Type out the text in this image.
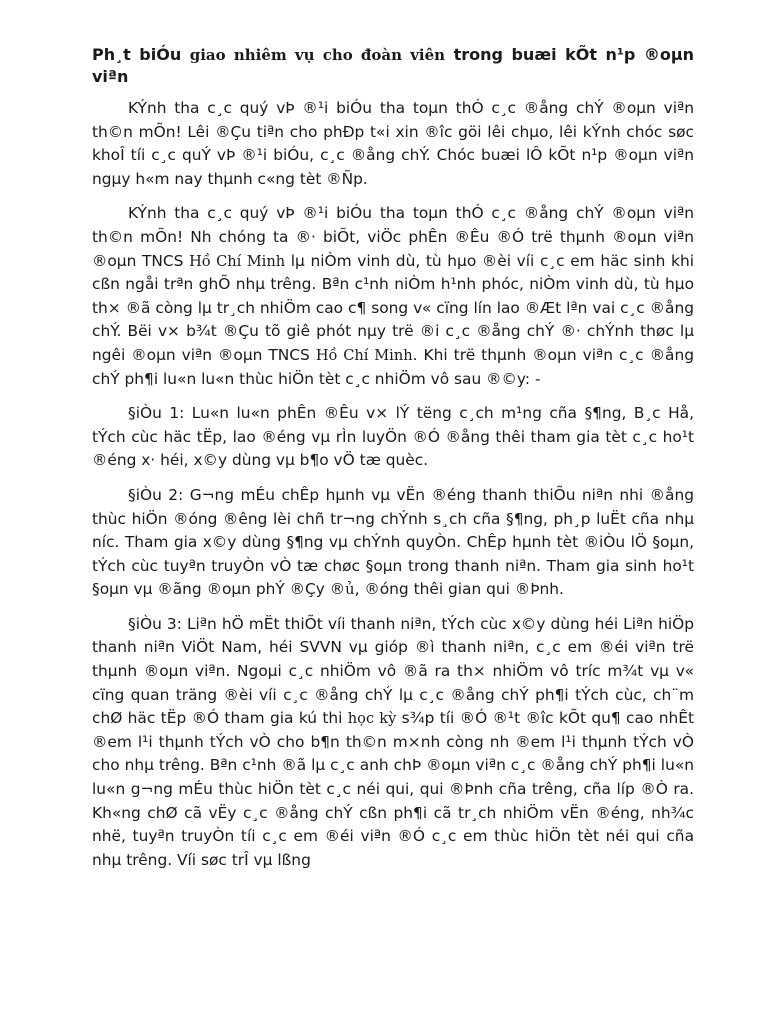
Ph¸t biÓu giao nhiêm vụ cho đoàn viên trong buæi kÕt n¹p ®oµn viªn

KÝnh tha c¸c quý vÞ ®¹i biÓu tha toµn thÓ c¸c ®ång chÝ ®oµn viªn th©n mÕn! Lêi ®Çu tiªn cho phÐp t«i xin ®îc göi lêi chµo, lêi kÝnh chóc søc khoÎ tíi c¸c quÝ vÞ ®¹i biÓu, c¸c ®ång chÝ. Chóc buæi lÔ kÕt n¹p ®oµn viªn ngµy h«m nay thµnh c«ng tèt ®Ñp.

KÝnh tha c¸c quý vÞ ®¹i biÓu tha toµn thÓ c¸c ®ång chÝ ®oµn viªn th©n mÕn! Nh chóng ta ®· biÕt, viÖc phÊn ®Êu ®Ó trë thµnh ®oµn viªn ®oµn TNCS Hồ Chí Minh lµ niÒm vinh dù, tù hµo ®èi víi c¸c em häc sinh khi cßn ngåi trªn ghÕ nhµ trêng. Bªn c¹nh niÒm h¹nh phóc, niÒm vinh dù, tù hµo th× ®ã còng lµ tr¸ch nhiÖm cao c¶ song v« cïng lín lao ®Æt lªn vai c¸c ®ång chÝ. Bëi v× b¾t ®Çu tõ giê phót nµy trë ®i c¸c ®ång chÝ ®· chÝnh thøc lµ ngêi ®oµn viªn ®oµn TNCS Hồ Chí Minh. Khi trë thµnh ®oµn viªn c¸c ®ång chÝ ph¶i lu«n lu«n thùc hiÖn tèt c¸c nhiÖm vô sau ®©y: -

§iÒu 1: Lu«n lu«n phÊn ®Êu v× lÝ tëng c¸ch m¹ng cña §¶ng, B¸c Hå, tÝch cùc häc tËp, lao ®éng vµ rÌn luyÖn ®Ó ®ång thêi tham gia tèt c¸c ho¹t ®éng x· héi, x©y dùng vµ b¶o vÖ tæ quèc.

§iÒu 2: G¬ng mÉu chÊp hµnh vµ vËn ®éng thanh thiÕu niªn nhi ®ång thùc hiÖn ®óng ®êng lèi chñ tr¬ng chÝnh s¸ch cña §¶ng, ph¸p luËt cña nhµ níc. Tham gia x©y dùng §¶ng vµ chÝnh quyÒn. ChÊp hµnh tèt ®iÒu lÖ §oµn, tÝch cùc tuyªn truyÒn vÒ tæ chøc §oµn trong thanh niªn. Tham gia sinh ho¹t §oµn vµ ®ãng ®oµn phÝ ®Çy ®ủ, ®óng thêi gian qui ®Þnh.

§iÒu 3: Liªn hÖ mËt thiÕt víi thanh niªn, tÝch cùc x©y dùng héi Liªn hiÖp thanh niªn ViÖt Nam, héi SVVN vµ gióp ®ì thanh niªn, c¸c em ®éi viªn trë thµnh ®oµn viªn. Ngoµi c¸c nhiÖm vô ®ã ra th× nhiÖm vô tríc m¾t vµ v« cïng quan träng ®èi víi c¸c ®ång chÝ lµ c¸c ®ång chÝ ph¶i tÝch cùc, ch¨m chØ häc tËp ®Ó tham gia kú thi học kỳ s¾p tíi ®Ó ®¹t ®îc kÕt qu¶ cao nhÊt ®em l¹i thµnh tÝch vÒ cho b¶n th©n m×nh còng nh ®em l¹i thµnh tÝch vÒ cho nhµ trêng. Bªn c¹nh ®ã lµ c¸c anh chÞ ®oµn viªn c¸c ®ång chÝ ph¶i lu«n lu«n g¬ng mÉu thùc hiÖn tèt c¸c néi qui, qui ®Þnh cña trêng, cña líp ®Ò ra. Kh«ng chØ cã vËy c¸c ®ång chÝ cßn ph¶i cã tr¸ch nhiÖm vËn ®éng, nh¾c nhë, tuyªn truyÒn tíi c¸c em ®éi viªn ®Ó c¸c em thùc hiÖn tèt néi qui cña nhµ trêng. Víi søc trÎ vµ lßng
